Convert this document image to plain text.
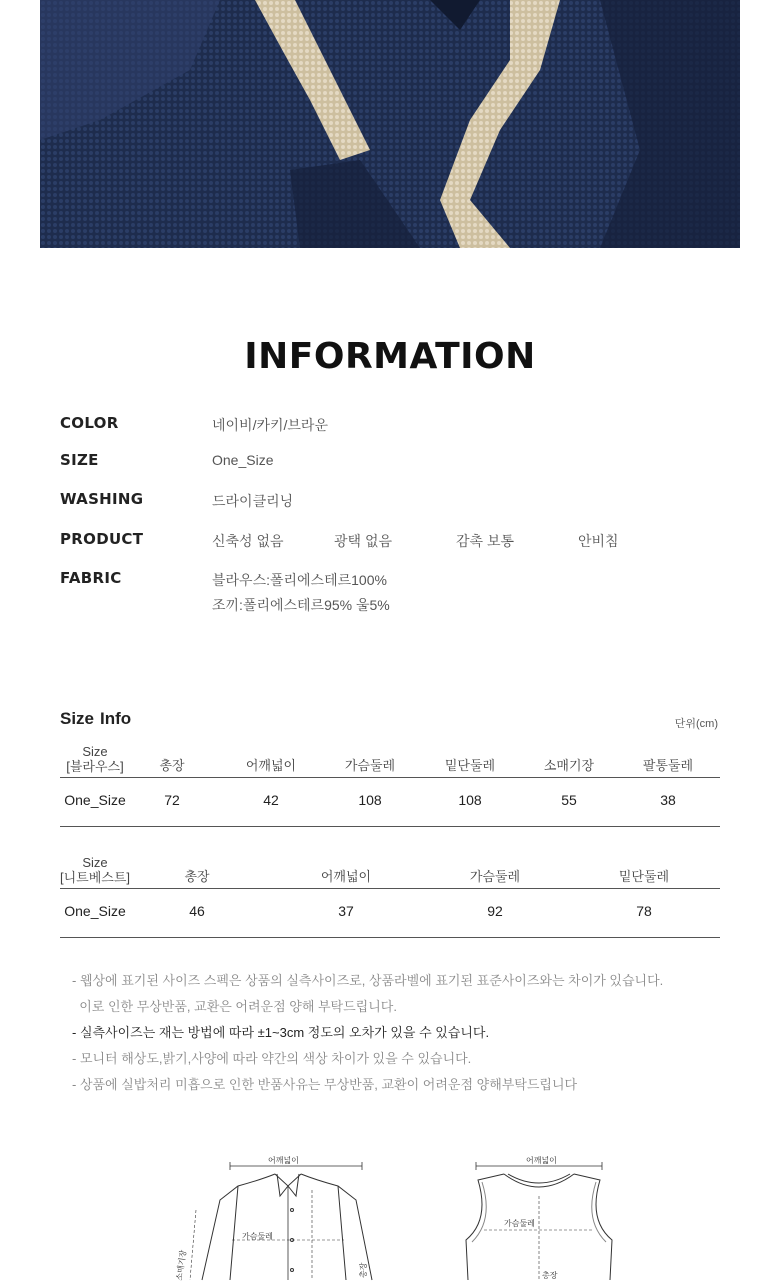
INFORMATION
COLOR	네이비/카키/브라운
SIZE	One_Size
WASHING	드라이클리닝
PRODUCT	신축성 없음	광택 없음	감촉 보통	안비침
FABRIC	블라우스:폴리에스테르100%
조끼:폴리에스테르95% 울5%
Size Info	단위(cm)
Size
[블라우스]	총장	어깨넓이	가슴둘레	밑단둘레	소매기장	팔통둘레
One_Size	72	42	108	108	55	38
Size
[니트베스트]	총장	어깨넓이	가슴둘레	밑단둘레
One_Size	46	37	92	78
- 웹상에 표기된 사이즈 스펙은 상품의 실측사이즈로, 상품라벨에 표기된 표준사이즈와는 차이가 있습니다.
이로 인한 무상반품, 교환은 어려운점 양해 부탁드립니다.
- 실측사이즈는 재는 방법에 따라 ±1~3cm 정도의 오차가 있을 수 있습니다.
- 모니터 해상도,밝기,사양에 따라 약간의 색상 차이가 있을 수 있습니다.
- 상품에 실밥처리 미흡으로 인한 반품사유는 무상반품, 교환이 어려운점 양해부탁드립니다
어깨넓이
가슴둘레
소매기장	총장
어깨넓이
가슴둘레
총장
